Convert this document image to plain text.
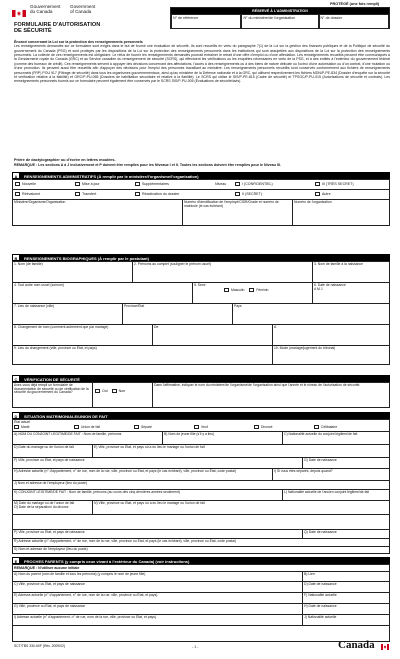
Gouvernement
du Canada
Government
of Canada
PROTÉGÉ (une fois rempli)
RÉSERVÉ À L'ADMINISTRATION
N° de référence	N° du ministère/de l'organisation	N° de dossier
FORMULAIRE D'AUTORISATION
DE SÉCURITÉ
Énoncé concernant la Loi sur la protection des renseignements personnels
Les renseignements demandés sur ce formulaire sont exigés dans le but de fournir une évaluation de sécurité. Ils sont recueillis en vertu du paragraphe 7(1) de la Loi sur la gestion des finances publiques et de la Politique de sécurité du gouvernement du Canada (PSG) et sont protégés par les dispositions de la Loi sur la protection des renseignements personnels dans les institutions qui sont assujetties aux dispositions de la Loi sur la protection des renseignements personnels. La collecte de ces renseignements est obligatoire. Le refus de fournir les renseignements demandés pourrait entraîner le retrait d'une offre d'emploi ou d'une affectation. Les renseignements recueillis peuvent être communiqués à la Gendarmerie royale du Canada (GRC) et au Service canadien du renseignement de sécurité (SCRS), qui effectuent les vérifications ou les enquêtes nécessaires en vertu de la PSG, et à des entités à l'extérieur du gouvernement fédéral (comme des bureaux de crédit). Ces renseignements servent à appuyer des décisions concernant des affectations, l'accès à des renseignements ou à des biens de nature délicate ou l'octroi d'une autorisation ou d'un contrat, d'une mutation ou d'une promotion. Ils peuvent aussi être recueillis afin d'appuyer des décisions pour l'emploi des personnes travaillant au ministère. Les renseignements personnels recueillis sont conservés conformément aux fichiers de renseignements personnels (FRP) POU 917 (Filtrage de sécurité) dans tous les organismes gouvernementaux, ainsi qu'au ministère de la Défense nationale et à la GRC, qui utilisent respectivement les fichiers MDN/P-PE-834 (Dossier d'enquête sur la sécurité et vérification relative à la fiabilité) et GRC/P-PU-065 (Dossiers de habilitation sécuritaire et relative à la fiabilité). Le SCRS qui utilise le SIS/P-PE-815 (Cadre de sécurité) et TPSGC/P-PU-015 (Autorisations de sécurité et contrats). Les renseignements personnels fournis sur ce formulaire peuvent également être conservés par le SCRS SIS/P-PU-005 (Évaluations de sécurité/avis).
Prière de dactylographier ou d'écrire en lettres moulées.
REMARQUE : Les sections A à J inclusivement et P doivent être remplies pour les Niveaux I et II. Toutes les sections doivent être remplies pour le Niveau III.
A RENSEIGNEMENTS ADMINISTRATIFS (À remplir par le ministère/l'organisme/l'organisation)
Nouvelle	Mise à jour	Supplémentaires	Niveau	I (CONFIDENTIEL)	III (TRÈS SECRET)
Réévaluent	Transfert	Réactivation du dossier	II (SECRET)	Autre
Ministère/Organisme/Organisation	Numéro d'identification de l'employé/CIDR/Grade et numéro de matricule (le cas échéant)
Numéro de l'organisation
B RENSEIGNEMENTS BIOGRAPHIQUES (À remplir par le postulant)
1. Nom (de famille)	2. Prénoms au complet (souligner le prénom usuel)	3. Nom de famille à la naissance
4. Tout autre nom usuel (surnom)	5. Sexe
Masculin	Féminin
6. Date de naissance
A M J
7. Lieu de naissance (ville)	Province/État	Pays
8. Changement de nom (comment autrement que par mariage)	De	À
9. Lieu du changement (ville, province ou État, et pays)	10. Mode (mariage/jugement du tribunal)
C VÉRIFICATION DE SÉCURITÉ
Avez-vous déjà rempli un formulaire de documentation de sécurité ou de vérification de la sécurité du gouvernement du Canada?	Oui	Non
Dans l'affirmative, indiquer le nom du ministère/de l'organisme/de l'organisation ainsi que l'année et le niveau de l'autorisation de sécurité.
D SITUATION MATRIMONIALE/UNION DE FAIT
État actuel
Marié	Union de fait	Séparé	Veuf	Divorcé	Célibataire
A) NOM DU CONJOINT LÉGITIME/DE FAIT : Nom de famille, prénoms	B) Nom de jeune fille (s'il y a lieu)	C) Nationalité actuelle du conjoint légitime/de fait
D) Date du mariage ou de l'union de fait	E) Ville, province ou État, et pays où a eu lieu le mariage ou l'union de fait
F) Ville, province ou État, et pays de naissance	G) Date de naissance
H) Adresse actuelle (n° d'appartement, n° de rue, nom de la rue, ville, province ou État, et pays (le cas échéant), ville, province ou État, code postal)	I) Si vous étes séparés, depuis quand?
J) Nom et adresse de l'employeur (lieu du poste)
K) CONJOINT LÉGITIME/DE FAIT : Nom de famille, prénoms (au cours des cinq dernières années seulement)	L) Nationalité actuelle de l'ancien conjoint légitime/de fait
M) Date du mariage ou de l'union de fait
O) Date de la séparation/ du divorce
N) Ville, province ou État, et pays où a eu lieu le mariage ou l'union de fait
P) Ville, province ou État, et pays de naissance	Q) Date de naissance
R) Adresse actuelle (n° d'appartement, n° de rue, nom de la rue, ville, province ou État, et pays (le cas échéant), ville, province ou État, code postal)
S) Nom et adresse de l'employeur (lieu du poste)
E PROCHES PARENTS (y compris ceux vivant à l'extérieur du Canada) (voir instructions)
REMARQUE : N'utiliser aucune initiale
A) Nom du parent (nom de famille et tous les prénoms) (y compris le nom de jeune fille)	B) Lien
C) Ville, province ou État, et pays de naissance	D) Date de naissance
E) Adresse actuelle (n° d'appartement, n° de rue, nom de la rue, ville, province ou État, et pays)	F) Nationalité actuelle
G) Ville, province ou État, et pays de naissance	H) Date de naissance
I) Adresse actuelle (n° d'appartement, n° de rue, nom de la rue, ville, province ou État, et pays)	J) Nationalité actuelle
SCT/TBS 330-60F (Rév. 2009/02)	- 1 -	Canadä
